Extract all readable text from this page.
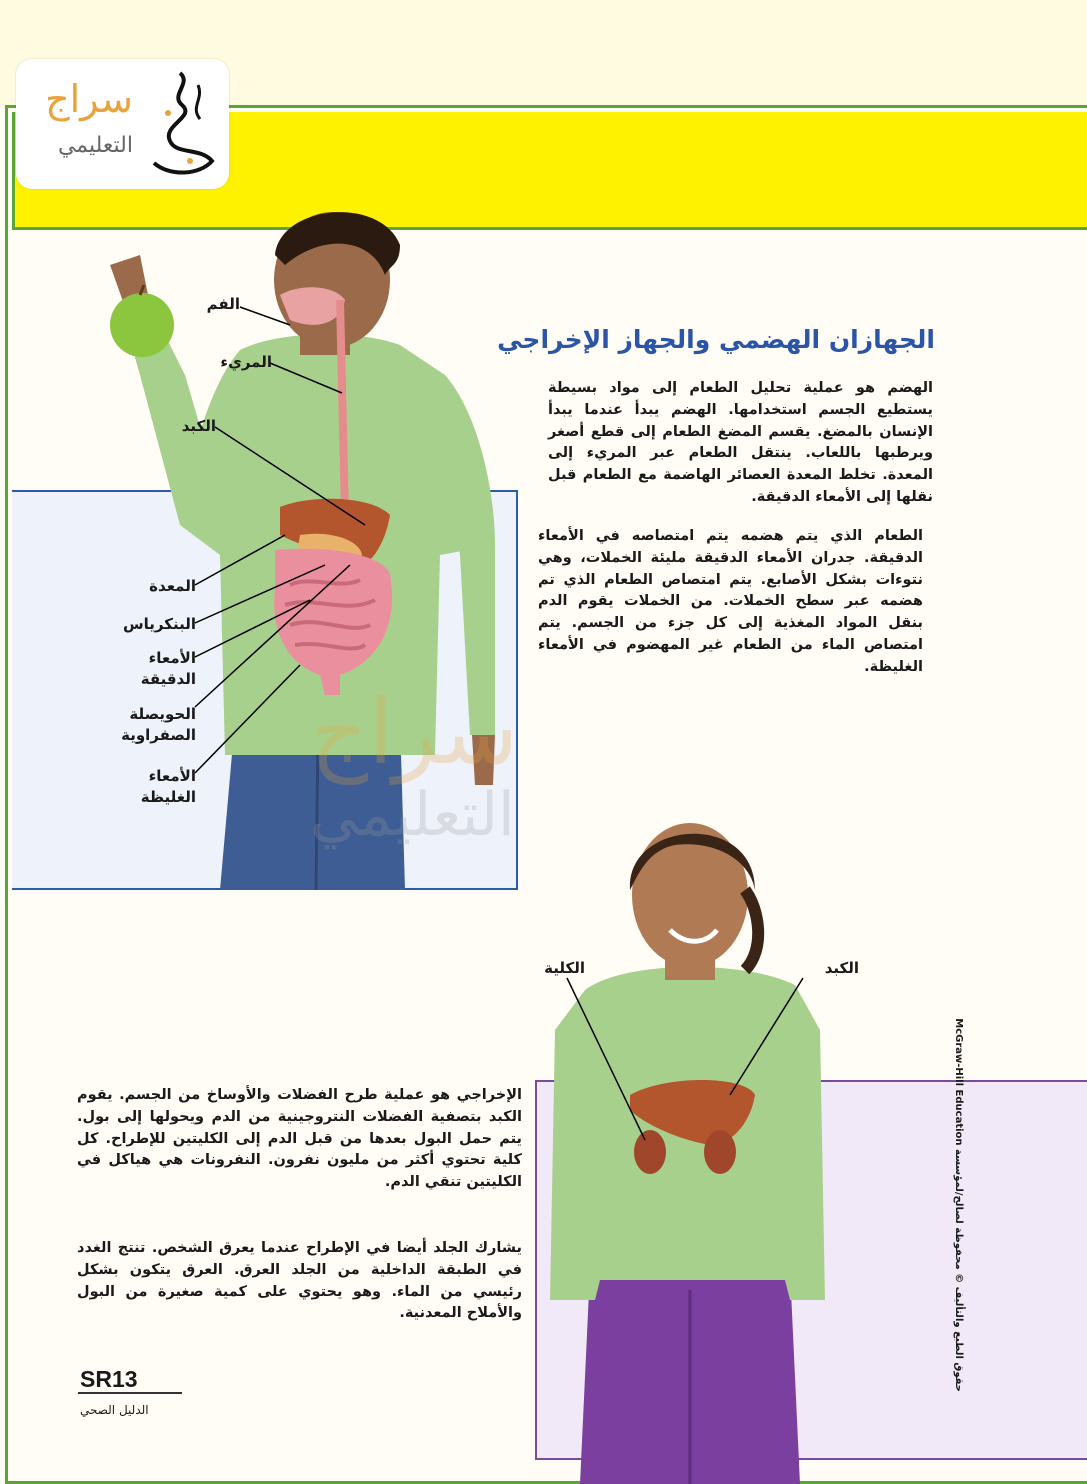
سراج
التعليمي
الفم
المريء
الكبد
المعدة
البنكرياس
الأمعاء الدقيقة
الحويصلة الصفراوية
الأمعاء الغليظة
الجهازان الهضمي والجهاز الإخراجي
الهضم هو عملية تحليل الطعام إلى مواد بسيطة يستطيع الجسم استخدامها. الهضم يبدأ عندما يبدأ الإنسان بالمضغ. يقسم المضغ الطعام إلى قطع أصغر ويرطبها باللعاب. ينتقل الطعام عبر المريء إلى المعدة. تخلط المعدة العصائر الهاضمة مع الطعام قبل نقلها إلى الأمعاء الدقيقة.
الطعام الذي يتم هضمه يتم امتصاصه في الأمعاء الدقيقة. جدران الأمعاء الدقيقة مليئة الخملات، وهي نتوءات بشكل الأصابع. يتم امتصاص الطعام الذي تم هضمه عبر سطح الخملات. من الخملات يقوم الدم بنقل المواد المغذية إلى كل جزء من الجسم. يتم امتصاص الماء من الطعام غير المهضوم في الأمعاء الغليظة.
سراج
التعليمي
الكلية	الكبد
الإخراجي هو عملية طرح الفضلات والأوساخ من الجسم. يقوم الكبد بتصفية الفضلات النتروجينية من الدم ويحولها إلى بول. يتم حمل البول بعدها من قبل الدم إلى الكليتين للإطراح. كل كلية تحتوي أكثر من مليون نفرون. النفرونات هي هياكل في الكليتين تنقي الدم.
يشارك الجلد أيضا في الإطراح عندما يعرق الشخص. تنتج الغدد في الطبقة الداخلية من الجلد العرق. العرق يتكون بشكل رئيسي من الماء. وهو يحتوي على كمية صغيرة من البول والأملاح المعدنية.
حقوق الطبع والتأليف © محفوظة لصالح/لمؤسسة McGraw-Hill Education
SR13
الدليل الصحي
